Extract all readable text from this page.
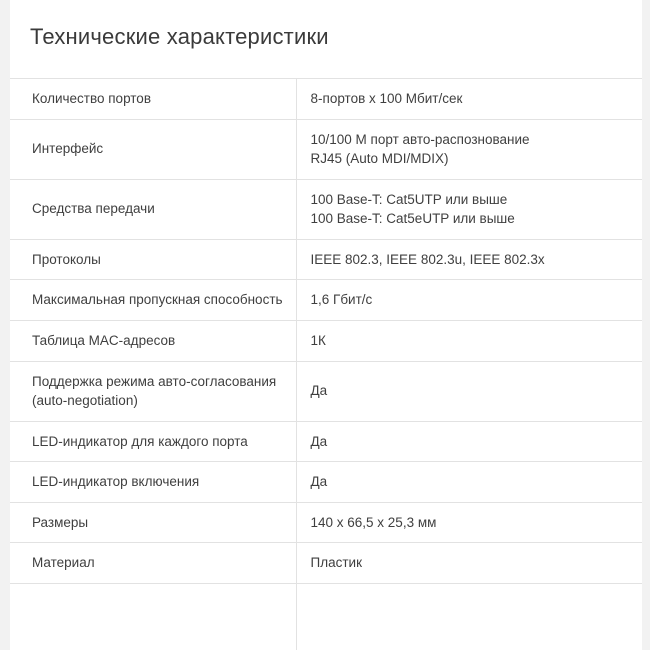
Технические характеристики
Количество портов	8-портов x 100 Мбит/сек

Интерфейс	10/100 М порт авто-распознование
RJ45 (Auto MDI/MDIX)

Средства передачи	100 Base-T: Cat5UTP или выше
100 Base-T: Cat5eUTP или выше

Протоколы	IEEE 802.3, IEEE 802.3u, IEEE 802.3x

Максимальная пропускная способность	1,6 Гбит/с

Таблица MAC-адресов	1К

Поддержка режима авто-согласования (auto-negotiation)	Да

LED-индикатор для каждого порта	Да

LED-индикатор включения	Да

Размеры	140 x 66,5 x 25,3 мм

Материал	Пластик
